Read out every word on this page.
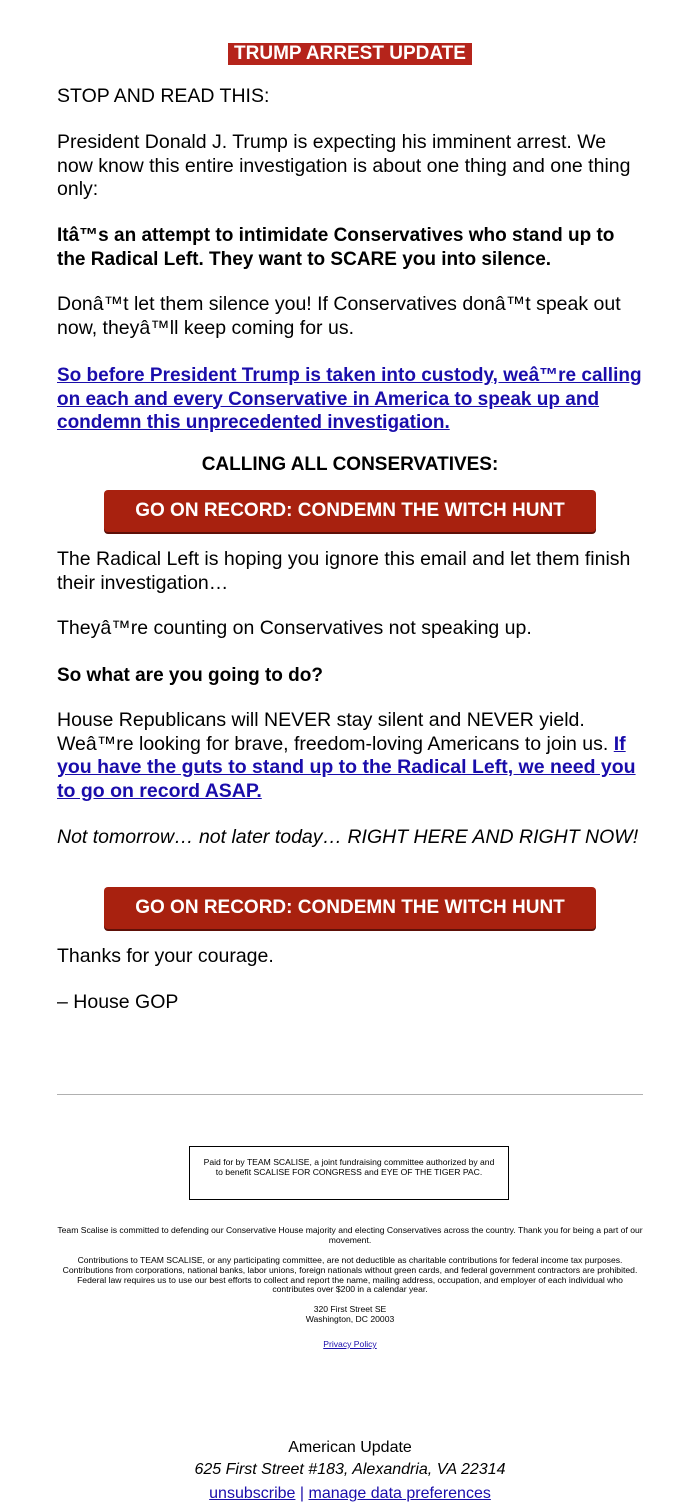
TRUMP ARREST UPDATE

STOP AND READ THIS:

President Donald J. Trump is expecting his imminent arrest. We now know this entire investigation is about one thing and one thing only:

Itâ™s an attempt to intimidate Conservatives who stand up to the Radical Left. They want to SCARE you into silence.

Donâ™t let them silence you! If Conservatives donâ™t speak out now, theyâ™ll keep coming for us.

So before President Trump is taken into custody, weâ™re calling on each and every Conservative in America to speak up and condemn this unprecedented investigation.

CALLING ALL CONSERVATIVES:

GO ON RECORD: CONDEMN THE WITCH HUNT

The Radical Left is hoping you ignore this email and let them finish their investigation…

Theyâ™re counting on Conservatives not speaking up.

So what are you going to do?

House Republicans will NEVER stay silent and NEVER yield. Weâ™re looking for brave, freedom-loving Americans to join us. If you have the guts to stand up to the Radical Left, we need you to go on record ASAP.

Not tomorrow… not later today… RIGHT HERE AND RIGHT NOW!

GO ON RECORD: CONDEMN THE WITCH HUNT

Thanks for your courage.

– House GOP

Paid for by TEAM SCALISE, a joint fundraising committee authorized by and to benefit SCALISE FOR CONGRESS and EYE OF THE TIGER PAC.

Team Scalise is committed to defending our Conservative House majority and electing Conservatives across the country. Thank you for being a part of our movement.

Contributions to TEAM SCALISE, or any participating committee, are not deductible as charitable contributions for federal income tax purposes. Contributions from corporations, national banks, labor unions, foreign nationals without green cards, and federal government contractors are prohibited. Federal law requires us to use our best efforts to collect and report the name, mailing address, occupation, and employer of each individual who contributes over $200 in a calendar year.

320 First Street SE

Washington, DC 20003

Privacy Policy

American Update
625 First Street #183, Alexandria, VA 22314
unsubscribe | manage data preferences
